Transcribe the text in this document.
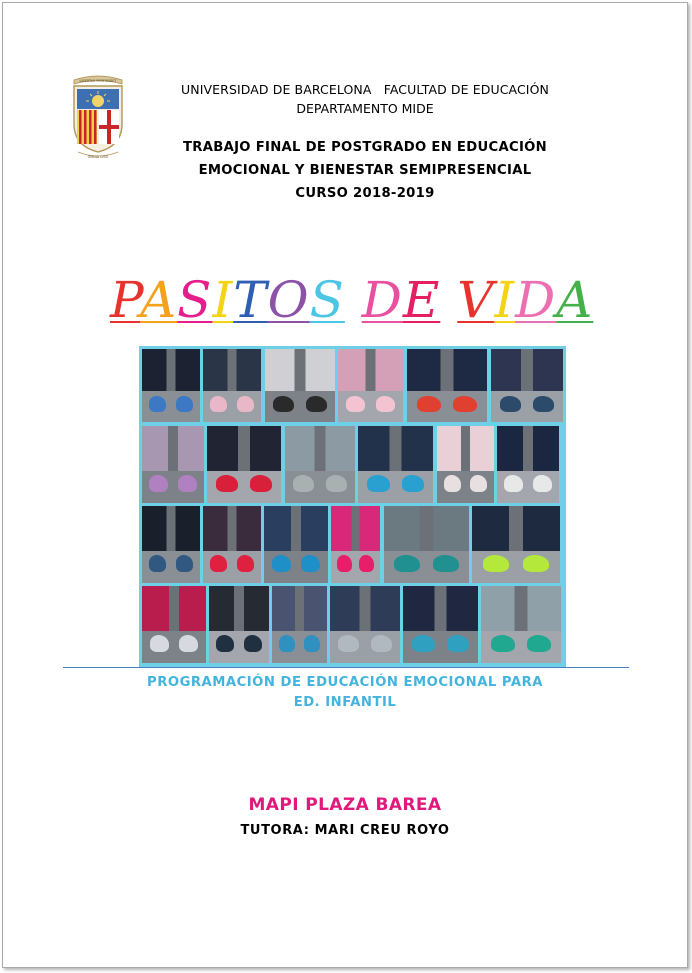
LIBERTAS PERFVNDET
OMNIA LVCE
UNIVERSIDAD DE BARCELONA   FACULTAD DE EDUCACIÓN
DEPARTAMENTO MIDE
TRABAJO FINAL DE POSTGRADO EN EDUCACIÓN
EMOCIONAL Y BIENESTAR SEMIPRESENCIAL
CURSO 2018-2019
PASITOS DE VIDA
PROGRAMACIÓN DE EDUCACIÓN EMOCIONAL PARA
ED. INFANTIL
MAPI PLAZA BAREA
TUTORA: MARI CREU ROYO
